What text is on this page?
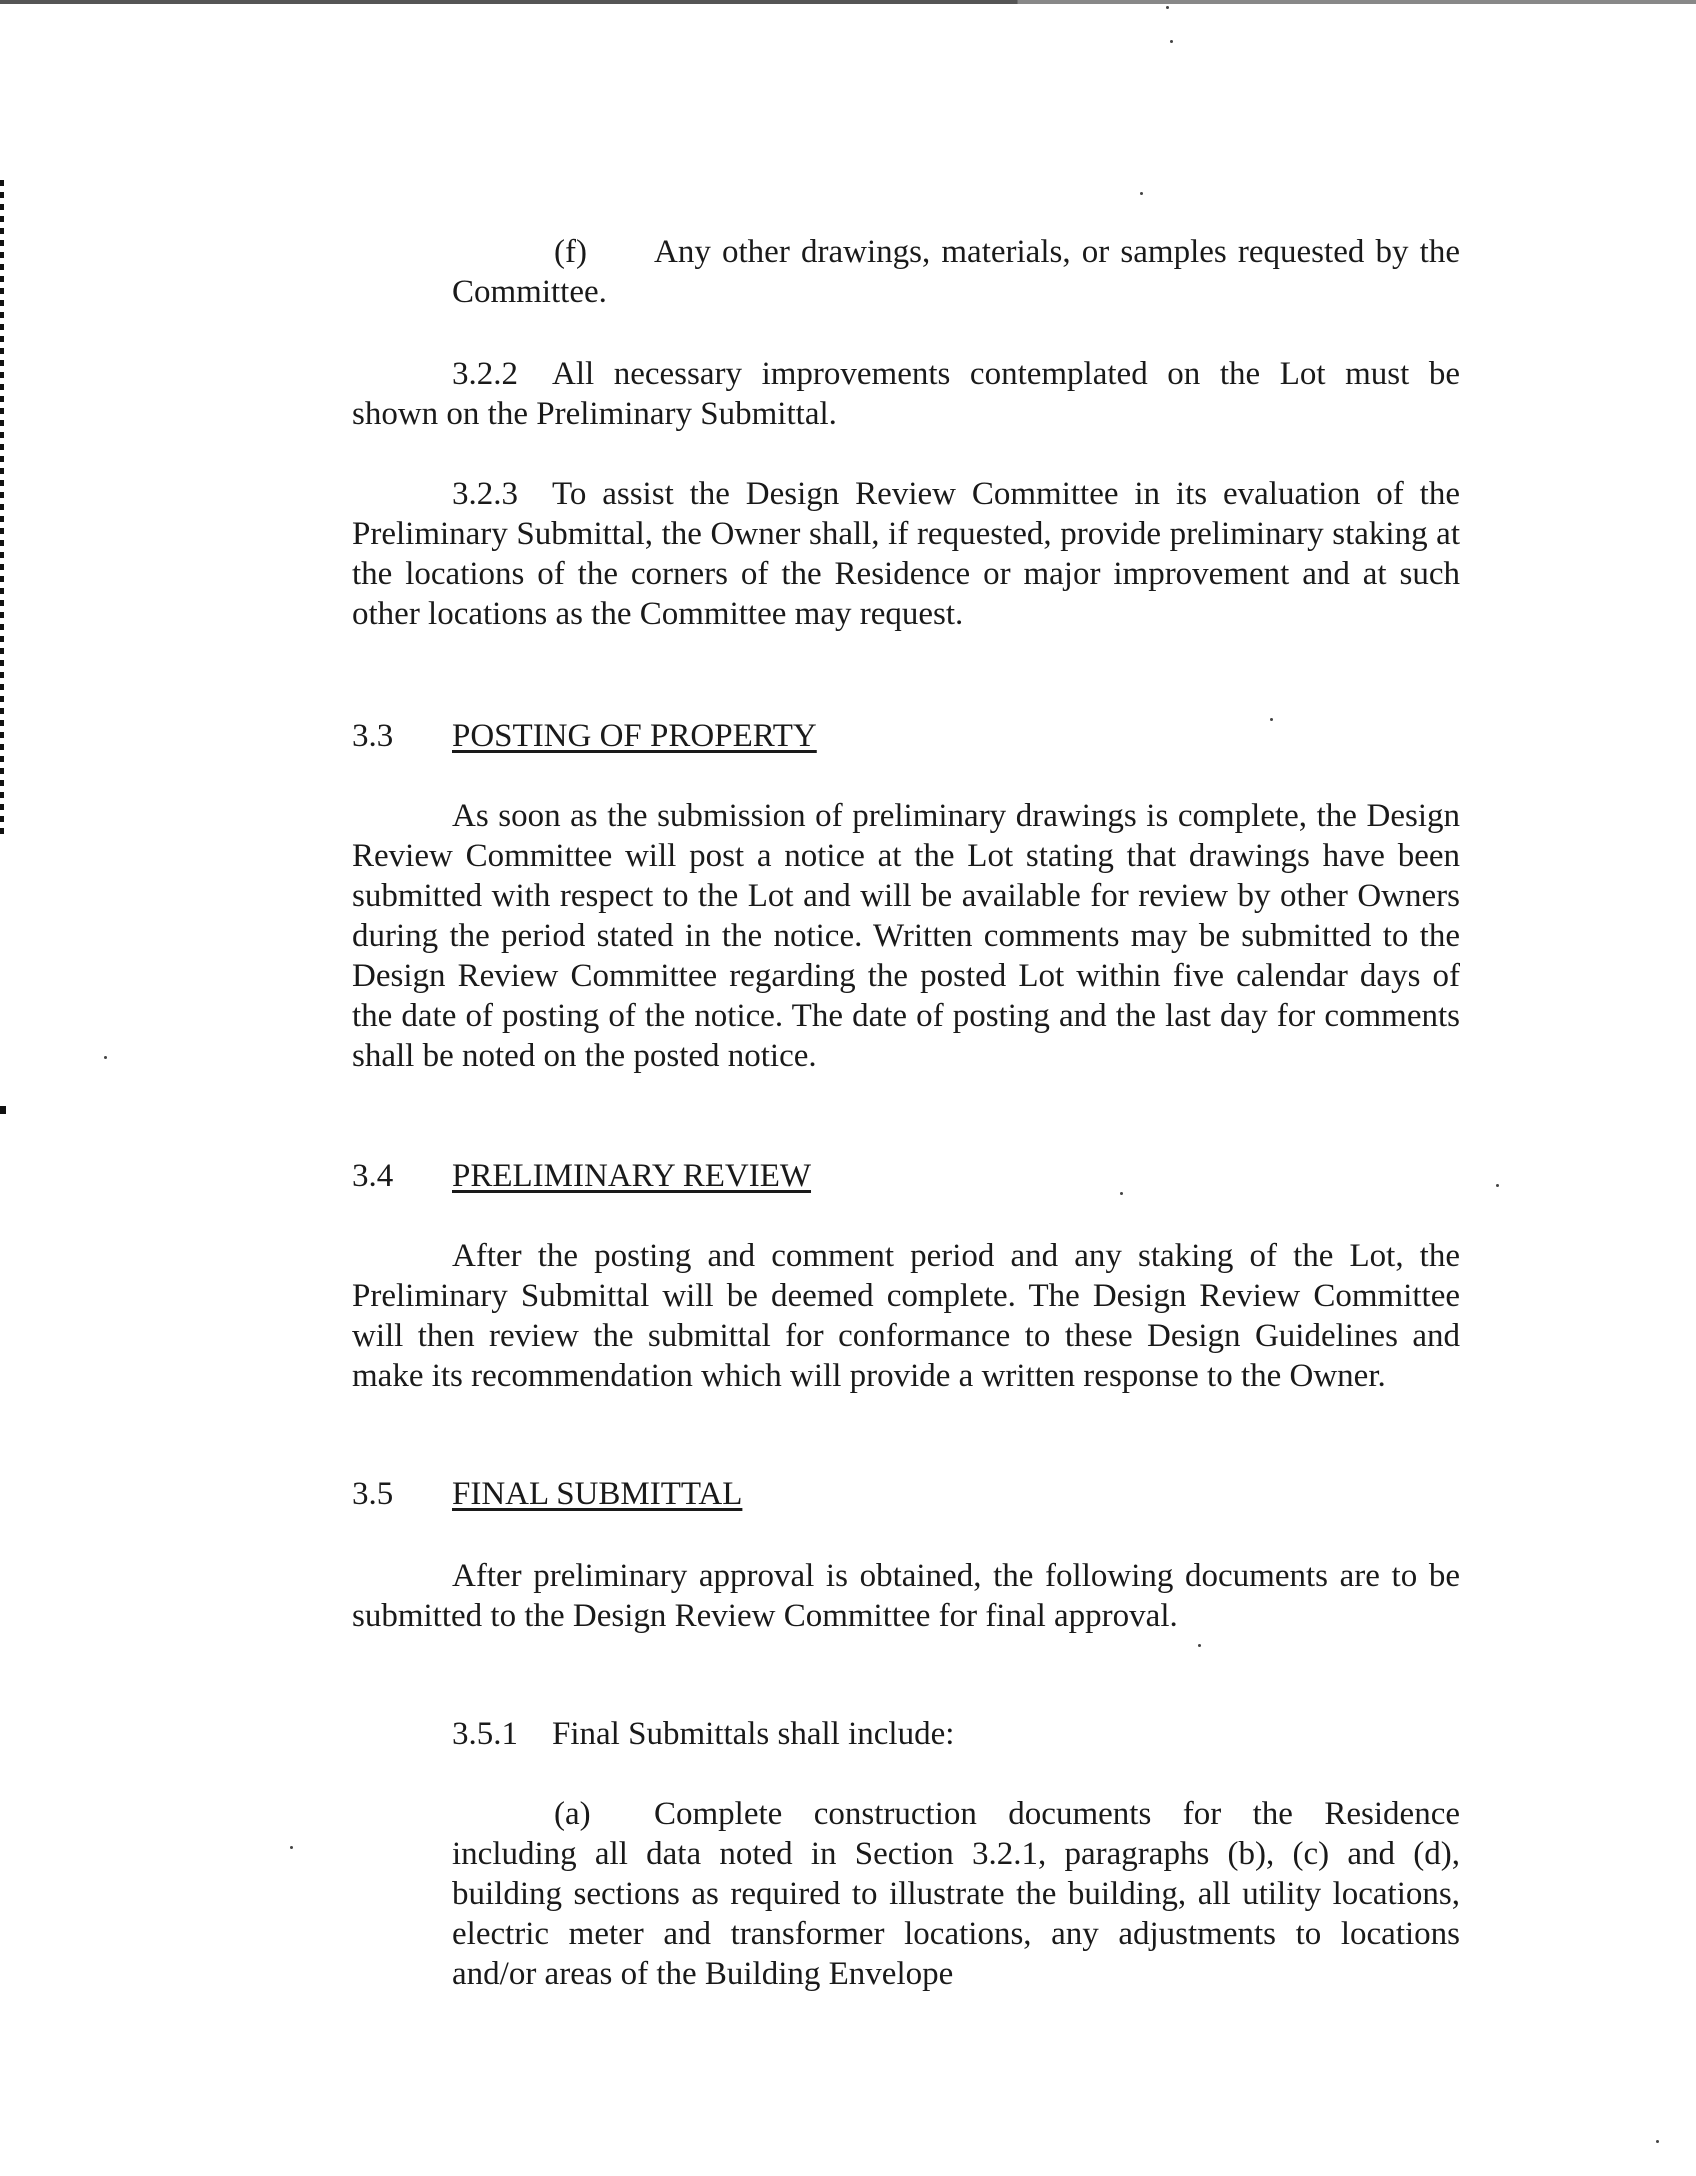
(f) Any other drawings, materials, or samples requested by the Committee.

3.2.2 All necessary improvements contemplated on the Lot must be shown on the Preliminary Submittal.

3.2.3 To assist the Design Review Committee in its evaluation of the Preliminary Submittal, the Owner shall, if requested, provide preliminary staking at the locations of the corners of the Residence or major improvement and at such other locations as the Committee may request.

3.3 POSTING OF PROPERTY

As soon as the submission of preliminary drawings is complete, the Design Review Committee will post a notice at the Lot stating that drawings have been submitted with respect to the Lot and will be available for review by other Owners during the period stated in the notice. Written comments may be submitted to the Design Review Committee regarding the posted Lot within five calendar days of the date of posting of the notice. The date of posting and the last day for comments shall be noted on the posted notice.

3.4 PRELIMINARY REVIEW

After the posting and comment period and any staking of the Lot, the Preliminary Submittal will be deemed complete. The Design Review Committee will then review the submittal for conformance to these Design Guidelines and make its recommendation which will provide a written response to the Owner.

3.5 FINAL SUBMITTAL

After preliminary approval is obtained, the following documents are to be submitted to the Design Review Committee for final approval.

3.5.1 Final Submittals shall include:

(a) Complete construction documents for the Residence including all data noted in Section 3.2.1, paragraphs (b), (c) and (d), building sections as required to illustrate the building, all utility locations, electric meter and transformer locations, any adjustments to locations and/or areas of the Building Envelope
